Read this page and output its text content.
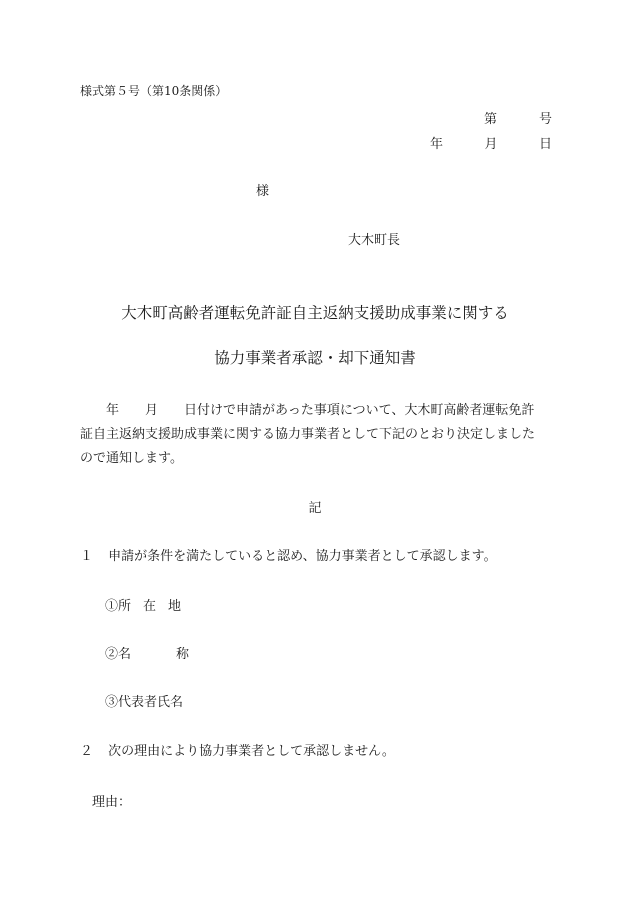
様式第５号（第10条関係）
第	号
年	月	日
様
大木町長
大木町高齢者運転免許証自主返納支援助成事業に関する
協力事業者承認・却下通知書
　　年　　月　　日付けで申請があった事項について、大木町高齢者運転免許
証自主返納支援助成事業に関する協力事業者として下記のとおり決定しました
ので通知します。
記
１ 申請が条件を満たしていると認め、協力事業者として承認します。
①所 在 地
②名	称
③代表者氏名
２ 次の理由により協力事業者として承認しません。
理由：
